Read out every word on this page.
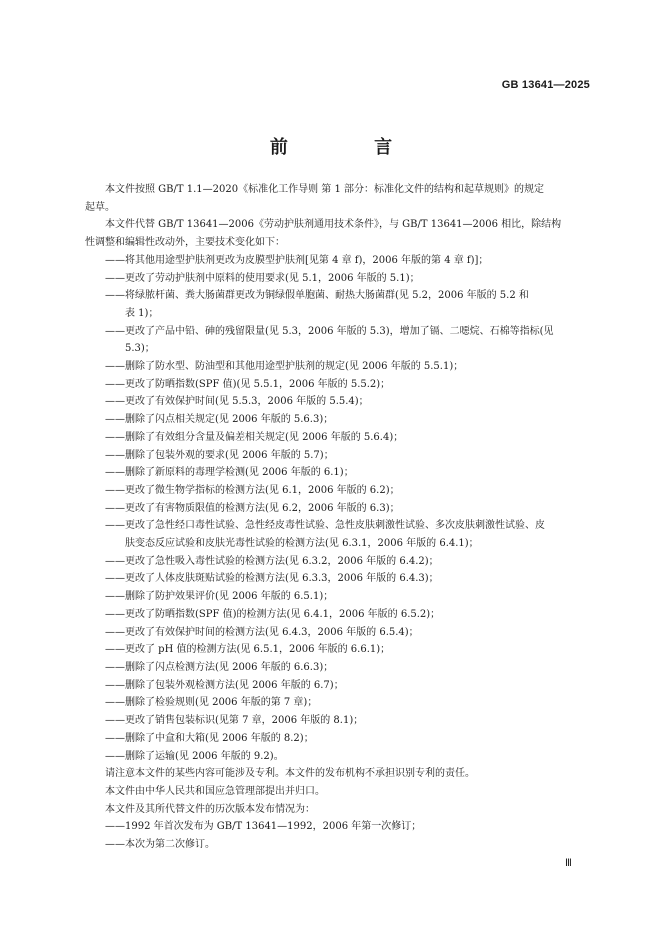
GB 13641—2025
前 言

本文件按照 GB/T 1.1—2020《标准化工作导则 第 1 部分：标准化文件的结构和起草规则》的规定

起草。

本文件代替 GB/T 13641—2006《劳动护肤剂通用技术条件》，与 GB/T 13641—2006 相比，除结构

性调整和编辑性改动外，主要技术变化如下：

——将其他用途型护肤剂更改为皮膜型护肤剂[见第 4 章 f)，2006 年版的第 4 章 f)]；

——更改了劳动护肤剂中原料的使用要求(见 5.1，2006 年版的 5.1)；

——将绿脓杆菌、粪大肠菌群更改为铜绿假单胞菌、耐热大肠菌群(见 5.2，2006 年版的 5.2 和

表 1)；

——更改了产品中铅、砷的残留限量(见 5.3，2006 年版的 5.3)，增加了镉、二噁烷、石棉等指标(见

5.3)；

——删除了防水型、防油型和其他用途型护肤剂的规定(见 2006 年版的 5.5.1)；

——更改了防晒指数(SPF 值)(见 5.5.1，2006 年版的 5.5.2)；

——更改了有效保护时间(见 5.5.3，2006 年版的 5.5.4)；

——删除了闪点相关规定(见 2006 年版的 5.6.3)；

——删除了有效组分含量及偏差相关规定(见 2006 年版的 5.6.4)；

——删除了包装外观的要求(见 2006 年版的 5.7)；

——删除了新原料的毒理学检测(见 2006 年版的 6.1)；

——更改了微生物学指标的检测方法(见 6.1，2006 年版的 6.2)；

——更改了有害物质限值的检测方法(见 6.2，2006 年版的 6.3)；

——更改了急性经口毒性试验、急性经皮毒性试验、急性皮肤刺激性试验、多次皮肤刺激性试验、皮

肤变态反应试验和皮肤光毒性试验的检测方法(见 6.3.1，2006 年版的 6.4.1)；

——更改了急性吸入毒性试验的检测方法(见 6.3.2，2006 年版的 6.4.2)；

——更改了人体皮肤斑贴试验的检测方法(见 6.3.3，2006 年版的 6.4.3)；

——删除了防护效果评价(见 2006 年版的 6.5.1)；

——更改了防晒指数(SPF 值)的检测方法(见 6.4.1，2006 年版的 6.5.2)；

——更改了有效保护时间的检测方法(见 6.4.3，2006 年版的 6.5.4)；

——更改了 pH 值的检测方法(见 6.5.1，2006 年版的 6.6.1)；

——删除了闪点检测方法(见 2006 年版的 6.6.3)；

——删除了包装外观检测方法(见 2006 年版的 6.7)；

——删除了检验规则(见 2006 年版的第 7 章)；

——更改了销售包装标识(见第 7 章，2006 年版的 8.1)；

——删除了中盒和大箱(见 2006 年版的 8.2)；

——删除了运输(见 2006 年版的 9.2)。

请注意本文件的某些内容可能涉及专利。本文件的发布机构不承担识别专利的责任。

本文件由中华人民共和国应急管理部提出并归口。

本文件及其所代替文件的历次版本发布情况为：

——1992 年首次发布为 GB/T 13641—1992，2006 年第一次修订；

——本次为第二次修订。

Ⅲ
